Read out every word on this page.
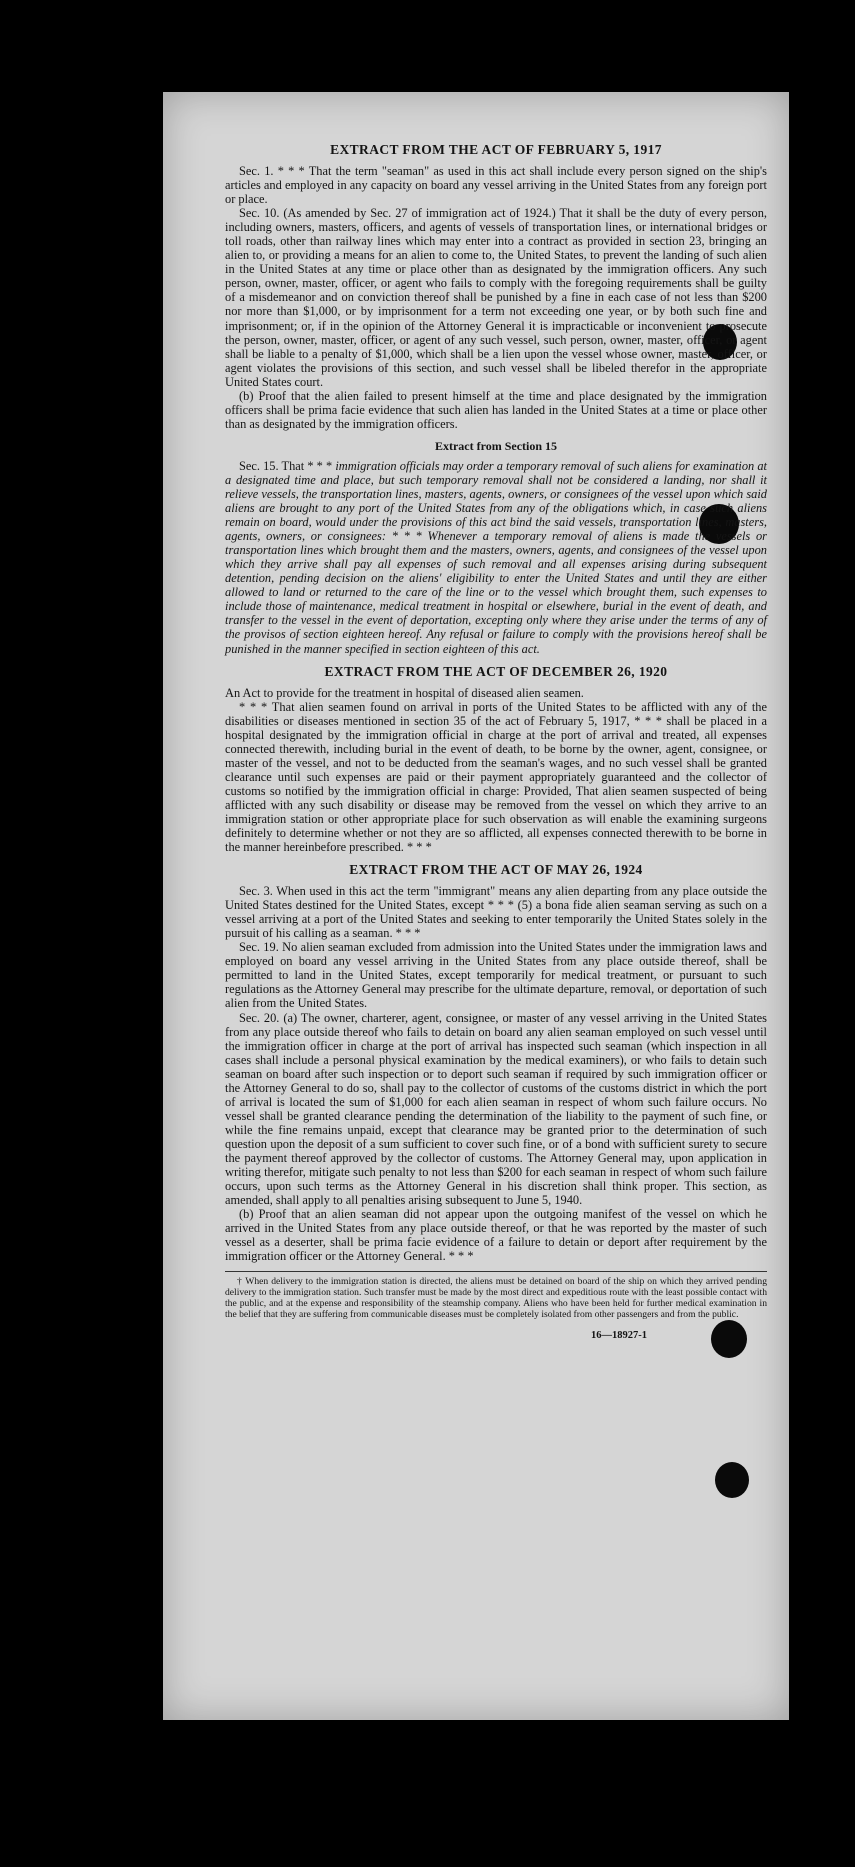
EXTRACT FROM THE ACT OF FEBRUARY 5, 1917

Sec. 1. * * * That the term "seaman" as used in this act shall include every person signed on the ship's articles and employed in any capacity on board any vessel arriving in the United States from any foreign port or place.

Sec. 10. (As amended by Sec. 27 of immigration act of 1924.) That it shall be the duty of every person, including owners, masters, officers, and agents of vessels of transportation lines, or international bridges or toll roads, other than railway lines which may enter into a contract as provided in section 23, bringing an alien to, or providing a means for an alien to come to, the United States, to prevent the landing of such alien in the United States at any time or place other than as designated by the immigration officers. Any such person, owner, master, officer, or agent who fails to comply with the foregoing requirements shall be guilty of a misdemeanor and on conviction thereof shall be punished by a fine in each case of not less than $200 nor more than $1,000, or by imprisonment for a term not exceeding one year, or by both such fine and imprisonment; or, if in the opinion of the Attorney General it is impracticable or inconvenient to prosecute the person, owner, master, officer, or agent of any such vessel, such person, owner, master, officer, or agent shall be liable to a penalty of $1,000, which shall be a lien upon the vessel whose owner, master, officer, or agent violates the provisions of this section, and such vessel shall be libeled therefor in the appropriate United States court.

(b) Proof that the alien failed to present himself at the time and place designated by the immigration officers shall be prima facie evidence that such alien has landed in the United States at a time or place other than as designated by the immigration officers.

Extract from Section 15

Sec. 15. That * * * immigration officials may order a temporary removal of such aliens for examination at a designated time and place, but such temporary removal shall not be considered a landing, nor shall it relieve vessels, the transportation lines, masters, agents, owners, or consignees of the vessel upon which said aliens are brought to any port of the United States from any of the obligations which, in case such aliens remain on board, would under the provisions of this act bind the said vessels, transportation lines, masters, agents, owners, or consignees: * * * Whenever a temporary removal of aliens is made the vessels or transportation lines which brought them and the masters, owners, agents, and consignees of the vessel upon which they arrive shall pay all expenses of such removal and all expenses arising during subsequent detention, pending decision on the aliens' eligibility to enter the United States and until they are either allowed to land or returned to the care of the line or to the vessel which brought them, such expenses to include those of maintenance, medical treatment in hospital or elsewhere, burial in the event of death, and transfer to the vessel in the event of deportation, excepting only where they arise under the terms of any of the provisos of section eighteen hereof. Any refusal or failure to comply with the provisions hereof shall be punished in the manner specified in section eighteen of this act.

EXTRACT FROM THE ACT OF DECEMBER 26, 1920

An Act to provide for the treatment in hospital of diseased alien seamen.

* * * That alien seamen found on arrival in ports of the United States to be afflicted with any of the disabilities or diseases mentioned in section 35 of the act of February 5, 1917, * * * shall be placed in a hospital designated by the immigration official in charge at the port of arrival and treated, all expenses connected therewith, including burial in the event of death, to be borne by the owner, agent, consignee, or master of the vessel, and not to be deducted from the seaman's wages, and no such vessel shall be granted clearance until such expenses are paid or their payment appropriately guaranteed and the collector of customs so notified by the immigration official in charge: Provided, That alien seamen suspected of being afflicted with any such disability or disease may be removed from the vessel on which they arrive to an immigration station or other appropriate place for such observation as will enable the examining surgeons definitely to determine whether or not they are so afflicted, all expenses connected therewith to be borne in the manner hereinbefore prescribed. * * *

EXTRACT FROM THE ACT OF MAY 26, 1924

Sec. 3. When used in this act the term "immigrant" means any alien departing from any place outside the United States destined for the United States, except * * * (5) a bona fide alien seaman serving as such on a vessel arriving at a port of the United States and seeking to enter temporarily the United States solely in the pursuit of his calling as a seaman. * * *

Sec. 19. No alien seaman excluded from admission into the United States under the immigration laws and employed on board any vessel arriving in the United States from any place outside thereof, shall be permitted to land in the United States, except temporarily for medical treatment, or pursuant to such regulations as the Attorney General may prescribe for the ultimate departure, removal, or deportation of such alien from the United States.

Sec. 20. (a) The owner, charterer, agent, consignee, or master of any vessel arriving in the United States from any place outside thereof who fails to detain on board any alien seaman employed on such vessel until the immigration officer in charge at the port of arrival has inspected such seaman (which inspection in all cases shall include a personal physical examination by the medical examiners), or who fails to detain such seaman on board after such inspection or to deport such seaman if required by such immigration officer or the Attorney General to do so, shall pay to the collector of customs of the customs district in which the port of arrival is located the sum of $1,000 for each alien seaman in respect of whom such failure occurs. No vessel shall be granted clearance pending the determination of the liability to the payment of such fine, or while the fine remains unpaid, except that clearance may be granted prior to the determination of such question upon the deposit of a sum sufficient to cover such fine, or of a bond with sufficient surety to secure the payment thereof approved by the collector of customs. The Attorney General may, upon application in writing therefor, mitigate such penalty to not less than $200 for each seaman in respect of whom such failure occurs, upon such terms as the Attorney General in his discretion shall think proper. This section, as amended, shall apply to all penalties arising subsequent to June 5, 1940.

(b) Proof that an alien seaman did not appear upon the outgoing manifest of the vessel on which he arrived in the United States from any place outside thereof, or that he was reported by the master of such vessel as a deserter, shall be prima facie evidence of a failure to detain or deport after requirement by the immigration officer or the Attorney General. * * *

† When delivery to the immigration station is directed, the aliens must be detained on board of the ship on which they arrived pending delivery to the immigration station. Such transfer must be made by the most direct and expeditious route with the least possible contact with the public, and at the expense and responsibility of the steamship company. Aliens who have been held for further medical examination in the belief that they are suffering from communicable diseases must be completely isolated from other passengers and from the public.
16—18927-1
